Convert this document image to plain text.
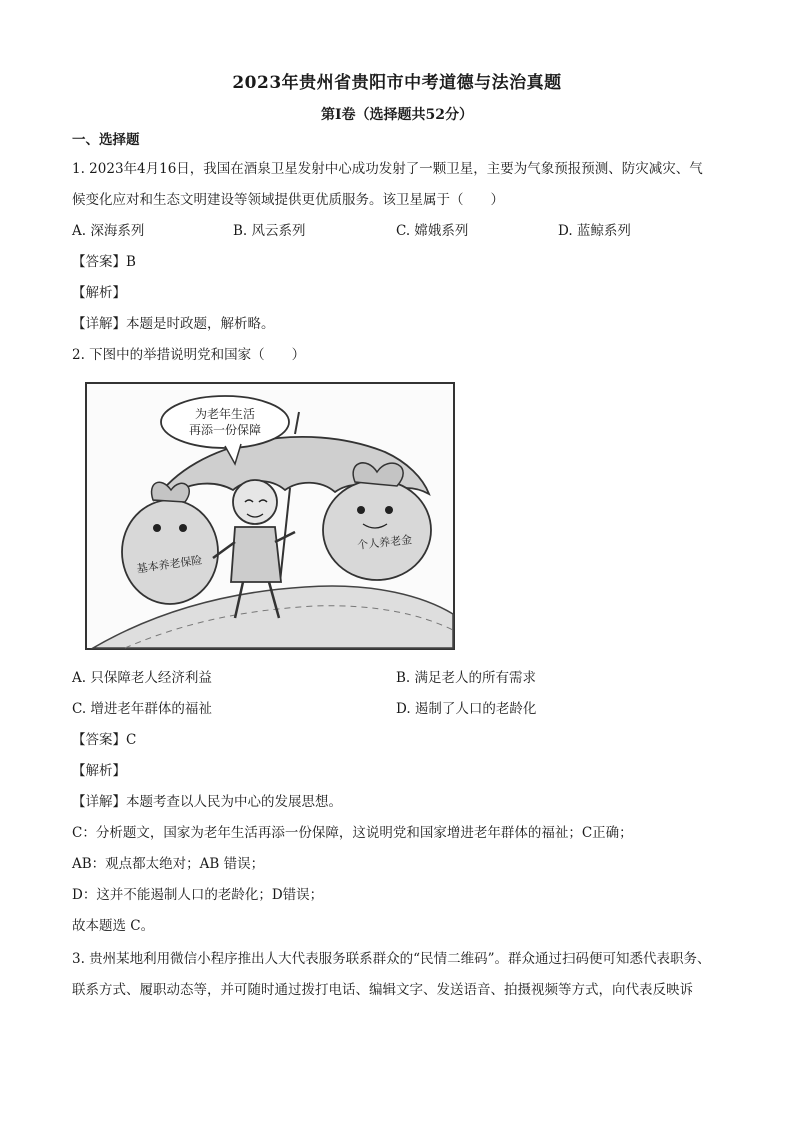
2023年贵州省贵阳市中考道德与法治真题
第Ⅰ卷（选择题共52分）
一、选择题
1. 2023年4月16日，我国在酒泉卫星发射中心成功发射了一颗卫星，主要为气象预报预测、防灾减灾、气
候变化应对和生态文明建设等领域提供更优质服务。该卫星属于（　　）
A. 深海系列	B. 风云系列	C. 嫦娥系列	D. 蓝鲸系列
【答案】B
【解析】
【详解】本题是时政题，解析略。
2. 下图中的举措说明党和国家（　　）
为老年生活
再添一份保障
基本养老保险
个人养老金
A. 只保障老人经济利益	B. 满足老人的所有需求
C. 增进老年群体的福祉	D. 遏制了人口的老龄化
【答案】C
【解析】
【详解】本题考查以人民为中心的发展思想。
C：分析题文，国家为老年生活再添一份保障，这说明党和国家增进老年群体的福祉；C正确；
AB：观点都太绝对；AB 错误；
D：这并不能遏制人口的老龄化；D错误；
故本题选 C。
3. 贵州某地利用微信小程序推出人大代表服务联系群众的“民情二维码”。群众通过扫码便可知悉代表职务、
联系方式、履职动态等，并可随时通过拨打电话、编辑文字、发送语音、拍摄视频等方式，向代表反映诉
